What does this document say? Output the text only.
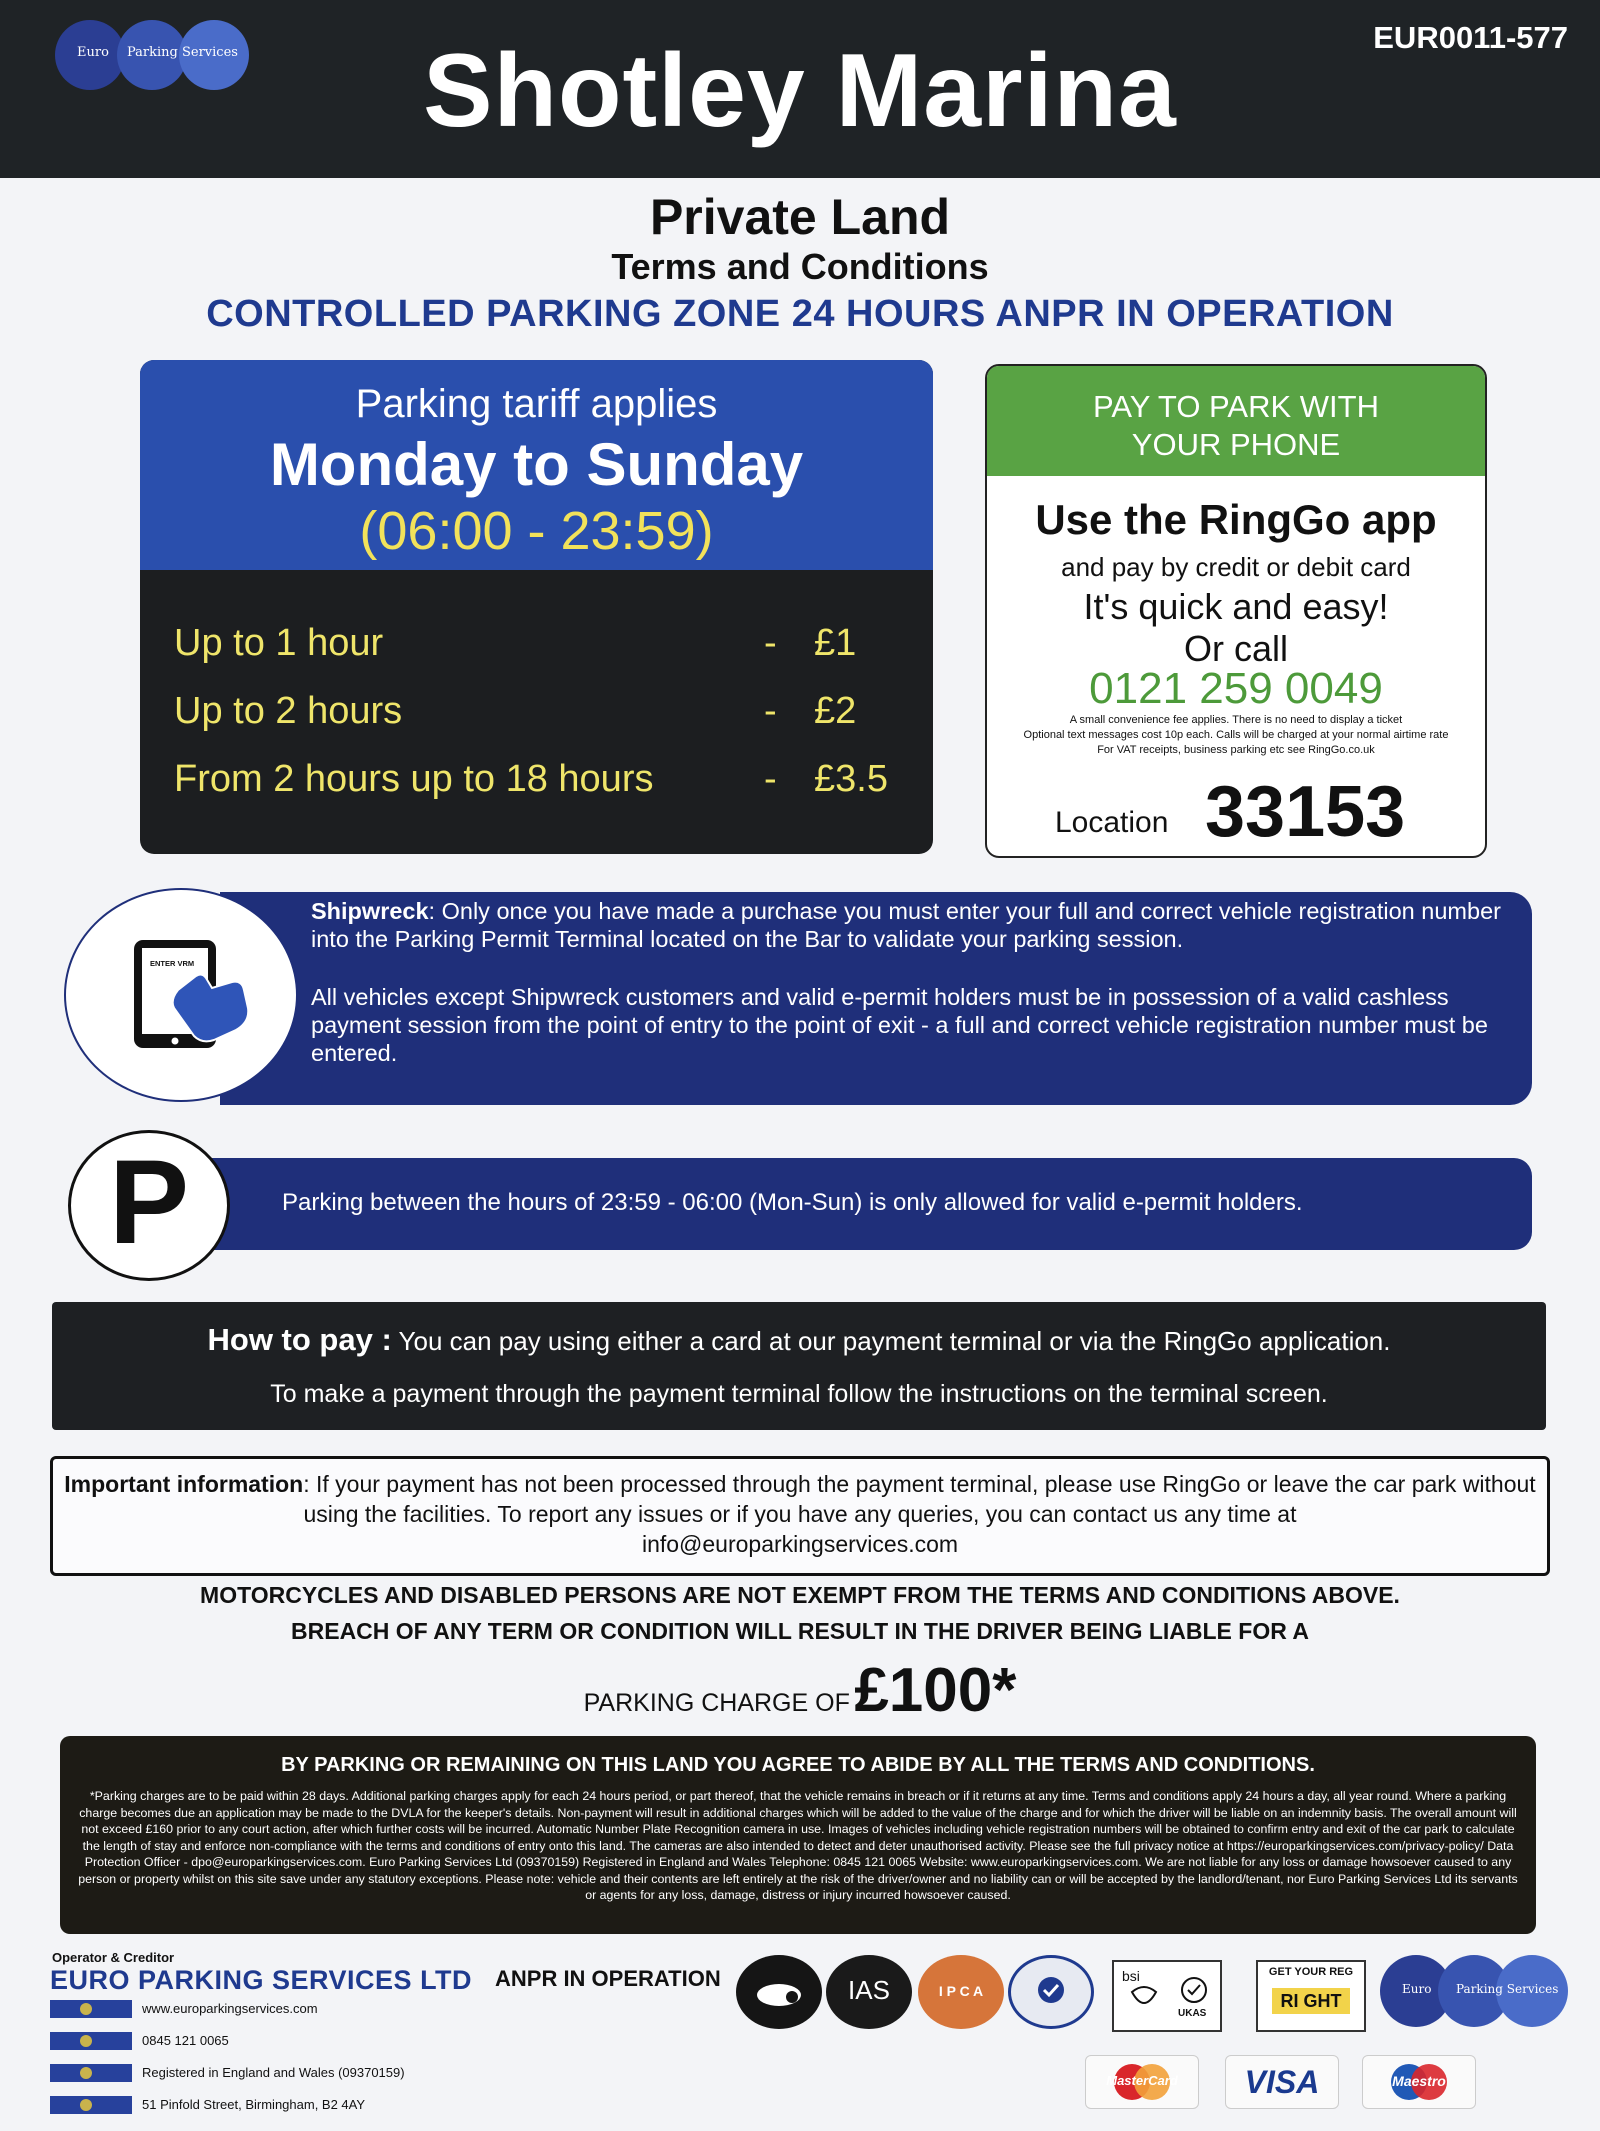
Euro Parking Services	Shotley Marina	EUR0011-577
Private Land
Terms and Conditions
CONTROLLED PARKING ZONE 24 HOURS ANPR IN OPERATION
Parking tariff applies
Monday to Sunday
(06:00 - 23:59)
Up to 1 hour	- £1
Up to 2 hours	- £2
From 2 hours up to 18 hours	- £3.5
PAY TO PARK WITH
YOUR PHONE
Use the RingGo app
and pay by credit or debit card
It's quick and easy!
Or call
0121 259 0049
A small convenience fee applies. There is no need to display a ticket
Optional text messages cost 10p each. Calls will be charged at your normal airtime rate
For VAT receipts, business parking etc see RingGo.co.uk
Location 33153
ENTER VRM

Shipwreck: Only once you have made a purchase you must enter your full and correct vehicle registration number into the Parking Permit Terminal located on the Bar to validate your parking session.

All vehicles except Shipwreck customers and valid e-permit holders must be in possession of a valid cashless payment session from the point of entry to the point of exit - a full and correct vehicle registration number must be entered.

P	Parking between the hours of 23:59 - 06:00 (Mon-Sun) is only allowed for valid e-permit holders.
How to pay : You can pay using either a card at our payment terminal or via the RingGo application.
To make a payment through the payment terminal follow the instructions on the terminal screen.
Important information: If your payment has not been processed through the payment terminal, please use RingGo or leave the car park without using the facilities. To report any issues or if you have any queries, you can contact us any time at
info@europarkingservices.com
MOTORCYCLES AND DISABLED PERSONS ARE NOT EXEMPT FROM THE TERMS AND CONDITIONS ABOVE.
BREACH OF ANY TERM OR CONDITION WILL RESULT IN THE DRIVER BEING LIABLE FOR A
PARKING CHARGE OF £100*
BY PARKING OR REMAINING ON THIS LAND YOU AGREE TO ABIDE BY ALL THE TERMS AND CONDITIONS.
*Parking charges are to be paid within 28 days. Additional parking charges apply for each 24 hours period, or part thereof, that the vehicle remains in breach or if it returns at any time. Terms and conditions apply 24 hours a day, all year round. Where a parking charge becomes due an application may be made to the DVLA for the keeper's details. Non-payment will result in additional charges which will be added to the value of the charge and for which the driver will be liable on an indemnity basis. The overall amount will not exceed £160 prior to any court action, after which further costs will be incurred. Automatic Number Plate Recognition camera in use. Images of vehicles including vehicle registration numbers will be obtained to confirm entry and exit of the car park to calculate the length of stay and enforce non-compliance with the terms and conditions of entry onto this land. The cameras are also intended to detect and deter unauthorised activity. Please see the full privacy notice at https://europarkingservices.com/privacy-policy/ Data Protection Officer - dpo@europarkingservices.com. Euro Parking Services Ltd (09370159) Registered in England and Wales Telephone: 0845 121 0065 Website: www.europarkingservices.com. We are not liable for any loss or damage howsoever caused to any person or property whilst on this site save under any statutory exceptions. Please note: vehicle and their contents are left entirely at the risk of the driver/owner and no liability can or will be accepted by the landlord/tenant, nor Euro Parking Services Ltd its servants or agents for any loss, damage, distress or injury incurred howsoever caused.
Operator & Creditor
EURO PARKING SERVICES LTD ANPR IN OPERATION
www.europarkingservices.com
0845 121 0065
Registered in England and Wales (09370159)
51 Pinfold Street, Birmingham, B2 4AY
IAS	I P C A
bsi
UKAS
GET YOUR REG
RI GHT
Euro Parking Services
MasterCard	VISA	Maestro
